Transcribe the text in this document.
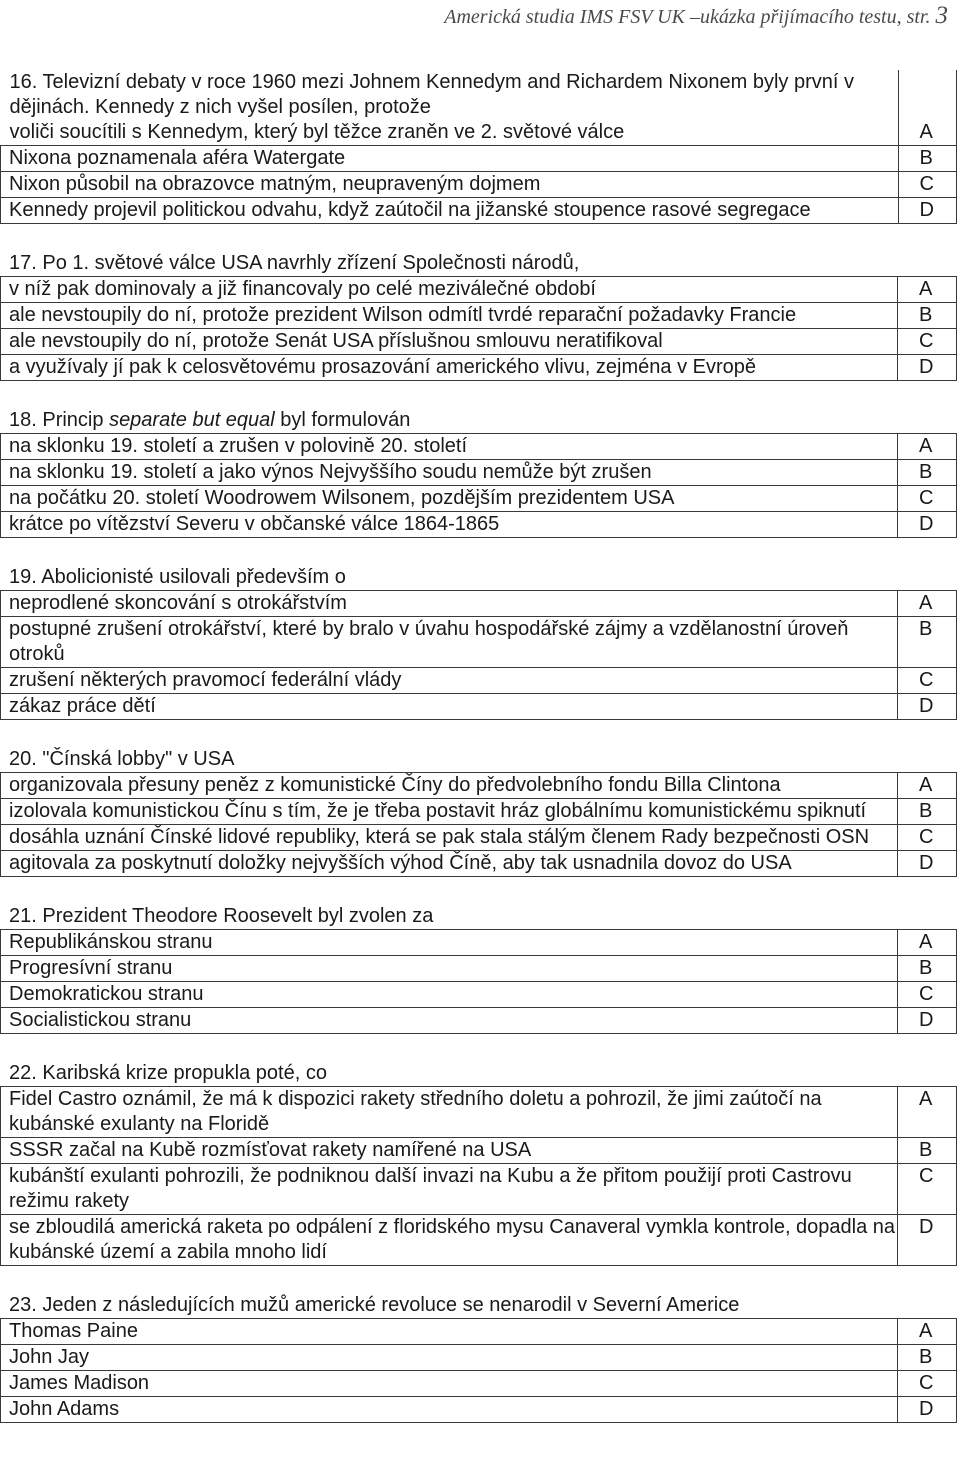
Americká studia IMS FSV UK –ukázka přijímacího testu, str. 3
16. Televizní debaty v roce 1960 mezi Johnem Kennedym and Richardem Nixonem byly první v dějinách. Kennedy z nich vyšel posílen, protože
voliči soucítili s Kennedym, který byl těžce zraněn ve 2. světové válce	A
Nixona poznamenala aféra Watergate	B
Nixon působil na obrazovce matným, neupraveným dojmem	C
Kennedy projevil politickou odvahu, když zaútočil na jižanské stoupence rasové segregace	D
17. Po 1. světové válce USA navrhly zřízení Společnosti národů,
v níž pak dominovaly a již financovaly po celé meziválečné období	A
ale nevstoupily do ní, protože prezident Wilson odmítl tvrdé reparační požadavky Francie	B
ale nevstoupily do ní, protože Senát USA příslušnou smlouvu neratifikoval	C
a využívaly jí pak k celosvětovému prosazování amerického vlivu, zejména v Evropě	D
18. Princip separate but equal byl formulován
na sklonku 19. století a zrušen v polovině 20. století	A
na sklonku 19. století a jako výnos Nejvyššího soudu nemůže být zrušen	B
na počátku 20. století Woodrowem Wilsonem, pozdějším prezidentem USA	C
krátce po vítězství Severu v občanské válce 1864-1865	D
19. Abolicionisté usilovali především o
neprodlené skoncování s otrokářstvím	A
postupné zrušení otrokářství, které by bralo v úvahu hospodářské zájmy a vzdělanostní úroveň otroků	B
zrušení některých pravomocí federální vlády	C
zákaz práce dětí	D
20. "Čínská lobby" v USA
organizovala přesuny peněz z komunistické Číny do předvolebního fondu Billa Clintona	A
izolovala komunistickou Čínu s tím, že je třeba postavit hráz globálnímu komunistickému spiknutí	B
dosáhla uznání Čínské lidové republiky, která se pak stala stálým členem Rady bezpečnosti OSN	C
agitovala za poskytnutí doložky nejvyšších výhod Číně, aby tak usnadnila dovoz do USA	D
21. Prezident Theodore Roosevelt byl zvolen za
Republikánskou stranu	A
Progresívní stranu	B
Demokratickou stranu	C
Socialistickou stranu	D
22. Karibská krize propukla poté, co
Fidel Castro oznámil, že má k dispozici rakety středního doletu a pohrozil, že jimi zaútočí na kubánské exulanty na Floridě	A
SSSR začal na Kubě rozmísťovat rakety namířené na USA	B
kubánští exulanti pohrozili, že podniknou další invazi na Kubu a že přitom použijí proti Castrovu režimu rakety	C
se zbloudilá americká raketa po odpálení z floridského mysu Canaveral vymkla kontrole, dopadla na kubánské území a zabila mnoho lidí	D
23. Jeden z následujících mužů americké revoluce se nenarodil v Severní Americe
Thomas Paine	A
John Jay	B
James Madison	C
John Adams	D
